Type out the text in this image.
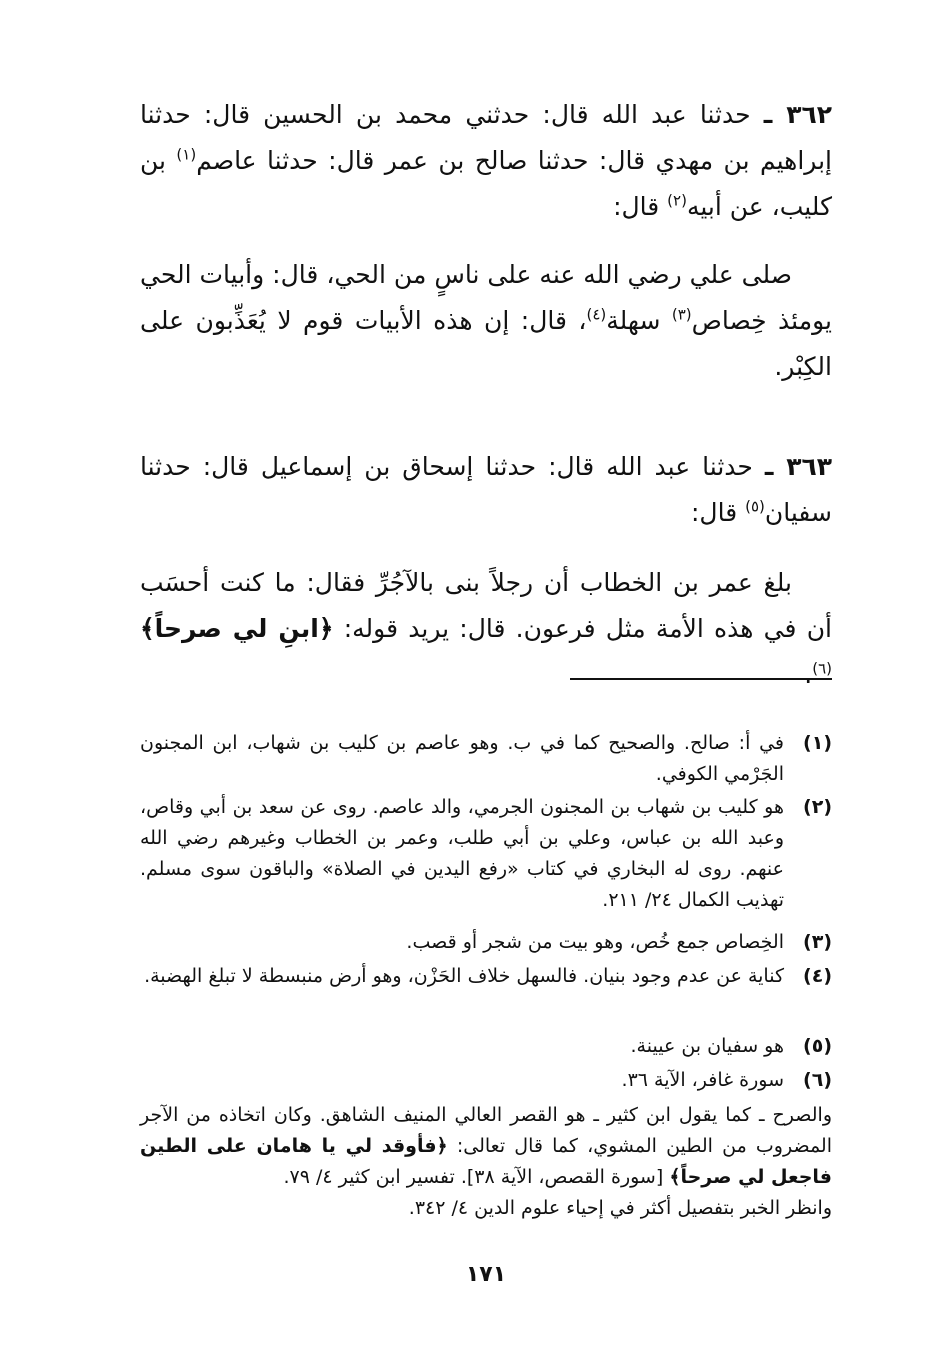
٣٦٢ ـ حدثنا عبد الله قال: حدثني محمد بن الحسين قال: حدثنا إبراهيم بن مهدي قال: حدثنا صالح بن عمر قال: حدثنا عاصم$^{(١)}$ بن كليب، عن أبيه$^{(٢)}$ قال:

صلى علي رضي الله عنه على ناسٍ من الحي، قال: وأبيات الحي يومئذ خِصاص$^{(٣)}$ سهلة$^{(٤)}$، قال: إن هذه الأبيات قوم لا يُعَذِّبون على الكِبْر.

٣٦٣ ـ حدثنا عبد الله قال: حدثنا إسحاق بن إسماعيل قال: حدثنا سفيان$^{(٥)}$ قال:

بلغ عمر بن الخطاب أن رجلاً بنى بالآجُرِّ فقال: ما كنت أحسَب أن في هذه الأمة مثل فرعون. قال: يريد قوله: ﴿ابنِ لي صرحاً﴾$^{(٦)}$.

(١)
في أ: صالح. والصحيح كما في ب. وهو عاصم بن كليب بن شهاب، ابن المجنون الجَرْمي الكوفي.
(٢)
هو كليب بن شهاب بن المجنون الجرمي، والد عاصم. روى عن سعد بن أبي وقاص، وعبد الله بن عباس، وعلي بن أبي طلب، وعمر بن الخطاب وغيرهم رضي الله عنهم. روى له البخاري في كتاب «رفع اليدين في الصلاة» والباقون سوى مسلم. تهذيب الكمال ٢٤/ ٢١١.
(٣)
الخِصاص جمع خُص، وهو بيت من شجر أو قصب.
(٤)
كناية عن عدم وجود بنيان. فالسهل خلاف الحَزْن، وهو أرض منبسطة لا تبلغ الهضبة.
(٥)
هو سفيان بن عيينة.
(٦)
سورة غافر، الآية ٣٦.
والصرح ـ كما يقول ابن كثير ـ هو القصر العالي المنيف الشاهق. وكان اتخاذه من الآجر المضروب من الطين المشوي، كما قال تعالى: ﴿فأوقد لي يا هامان على الطين فاجعل لي صرحاً﴾ [سورة القصص، الآية ٣٨]. تفسير ابن كثير ٤/ ٧٩.
وانظر الخبر بتفصيل أكثر في إحياء علوم الدين ٤/ ٣٤٢.
١٧١
